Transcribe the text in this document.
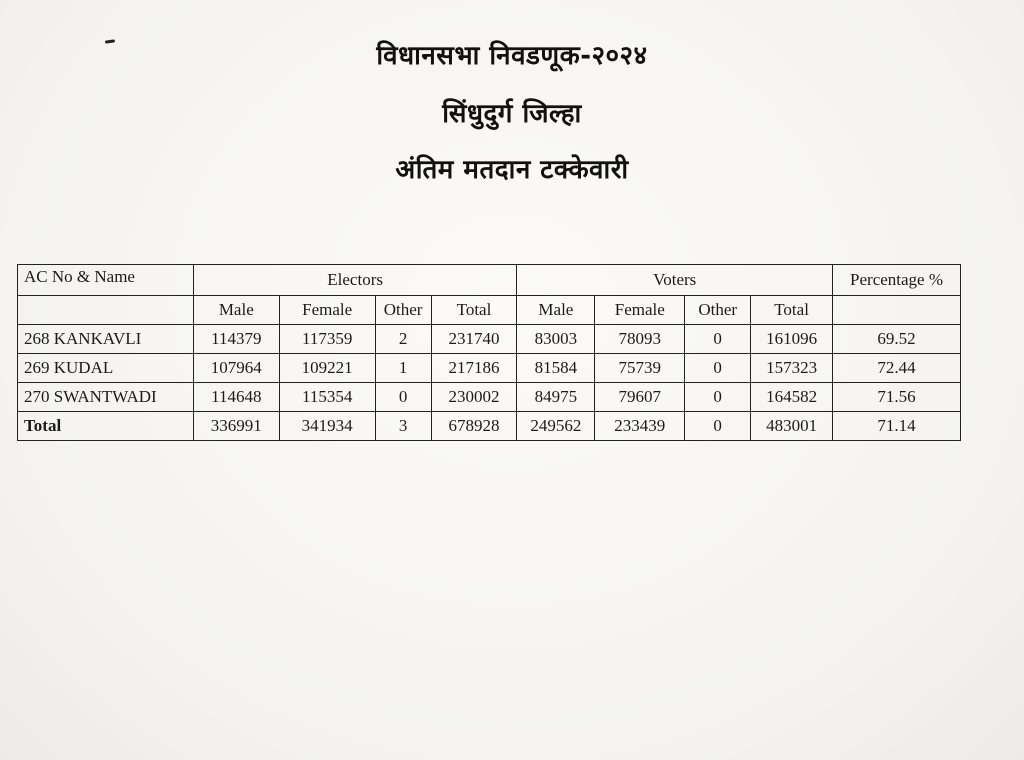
विधानसभा निवडणूक-२०२४
सिंधुदुर्ग जिल्हा
अंतिम मतदान टक्केवारी
AC No & Name	Electors				Voters				Percentage %
	Male	Female	Other	Total	Male	Female	Other	Total	
268 KANKAVLI	114379	117359	2	231740	83003	78093	0	161096	69.52
269 KUDAL	107964	109221	1	217186	81584	75739	0	157323	72.44
270 SWANTWADI	114648	115354	0	230002	84975	79607	0	164582	71.56
Total	336991	341934	3	678928	249562	233439	0	483001	71.14
